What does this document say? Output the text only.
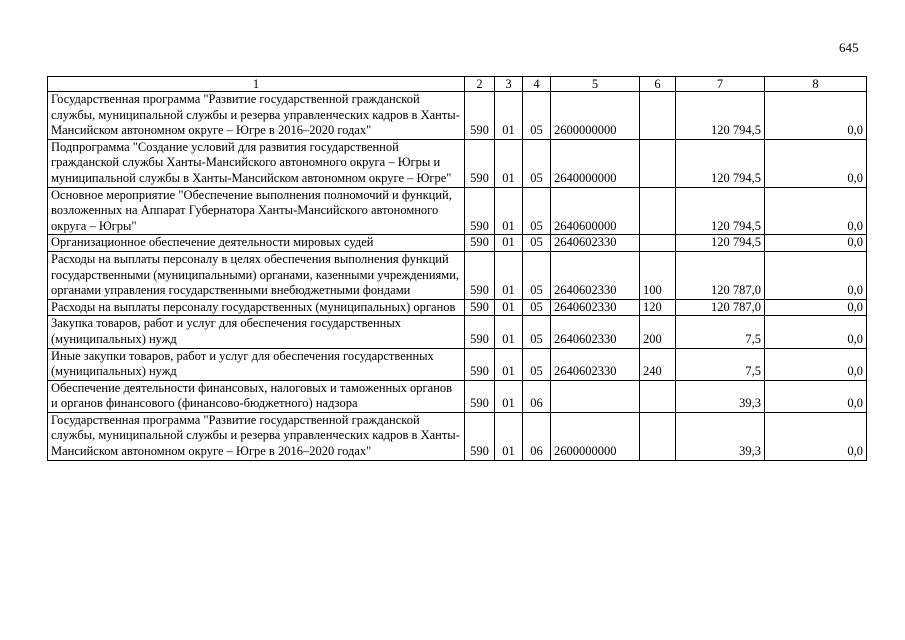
645
1	2	3	4	5	6	7	8
Государственная программа "Развитие государственной гражданской службы, муниципальной службы и резерва управленческих кадров в Ханты-Мансийском автономном округе – Югре в 2016–2020 годах"	590	01	05	2600000000		120 794,5	0,0
Подпрограмма "Создание условий для развития государственной гражданской службы Ханты-Мансийского автономного округа – Югры и муниципальной службы в Ханты-Мансийском автономном округе – Югре"	590	01	05	2640000000		120 794,5	0,0
Основное мероприятие "Обеспечение выполнения полномочий и функций, возложенных на Аппарат Губернатора Ханты-Мансийского автономного округа – Югры"	590	01	05	2640600000		120 794,5	0,0
Организационное обеспечение деятельности мировых судей	590	01	05	2640602330		120 794,5	0,0
Расходы на выплаты персоналу в целях обеспечения выполнения функций государственными (муниципальными) органами, казенными учреждениями, органами управления государственными внебюджетными фондами	590	01	05	2640602330	100	120 787,0	0,0
Расходы на выплаты персоналу государственных (муниципальных) органов	590	01	05	2640602330	120	120 787,0	0,0
Закупка товаров, работ и услуг для обеспечения государственных (муниципальных) нужд	590	01	05	2640602330	200	7,5	0,0
Иные закупки товаров, работ и услуг для обеспечения государственных (муниципальных) нужд	590	01	05	2640602330	240	7,5	0,0
Обеспечение деятельности финансовых, налоговых и таможенных органов и органов финансового (финансово-бюджетного) надзора	590	01	06			39,3	0,0
Государственная программа "Развитие государственной гражданской службы, муниципальной службы и резерва управленческих кадров в Ханты-Мансийском автономном округе – Югре в 2016–2020 годах"	590	01	06	2600000000		39,3	0,0
